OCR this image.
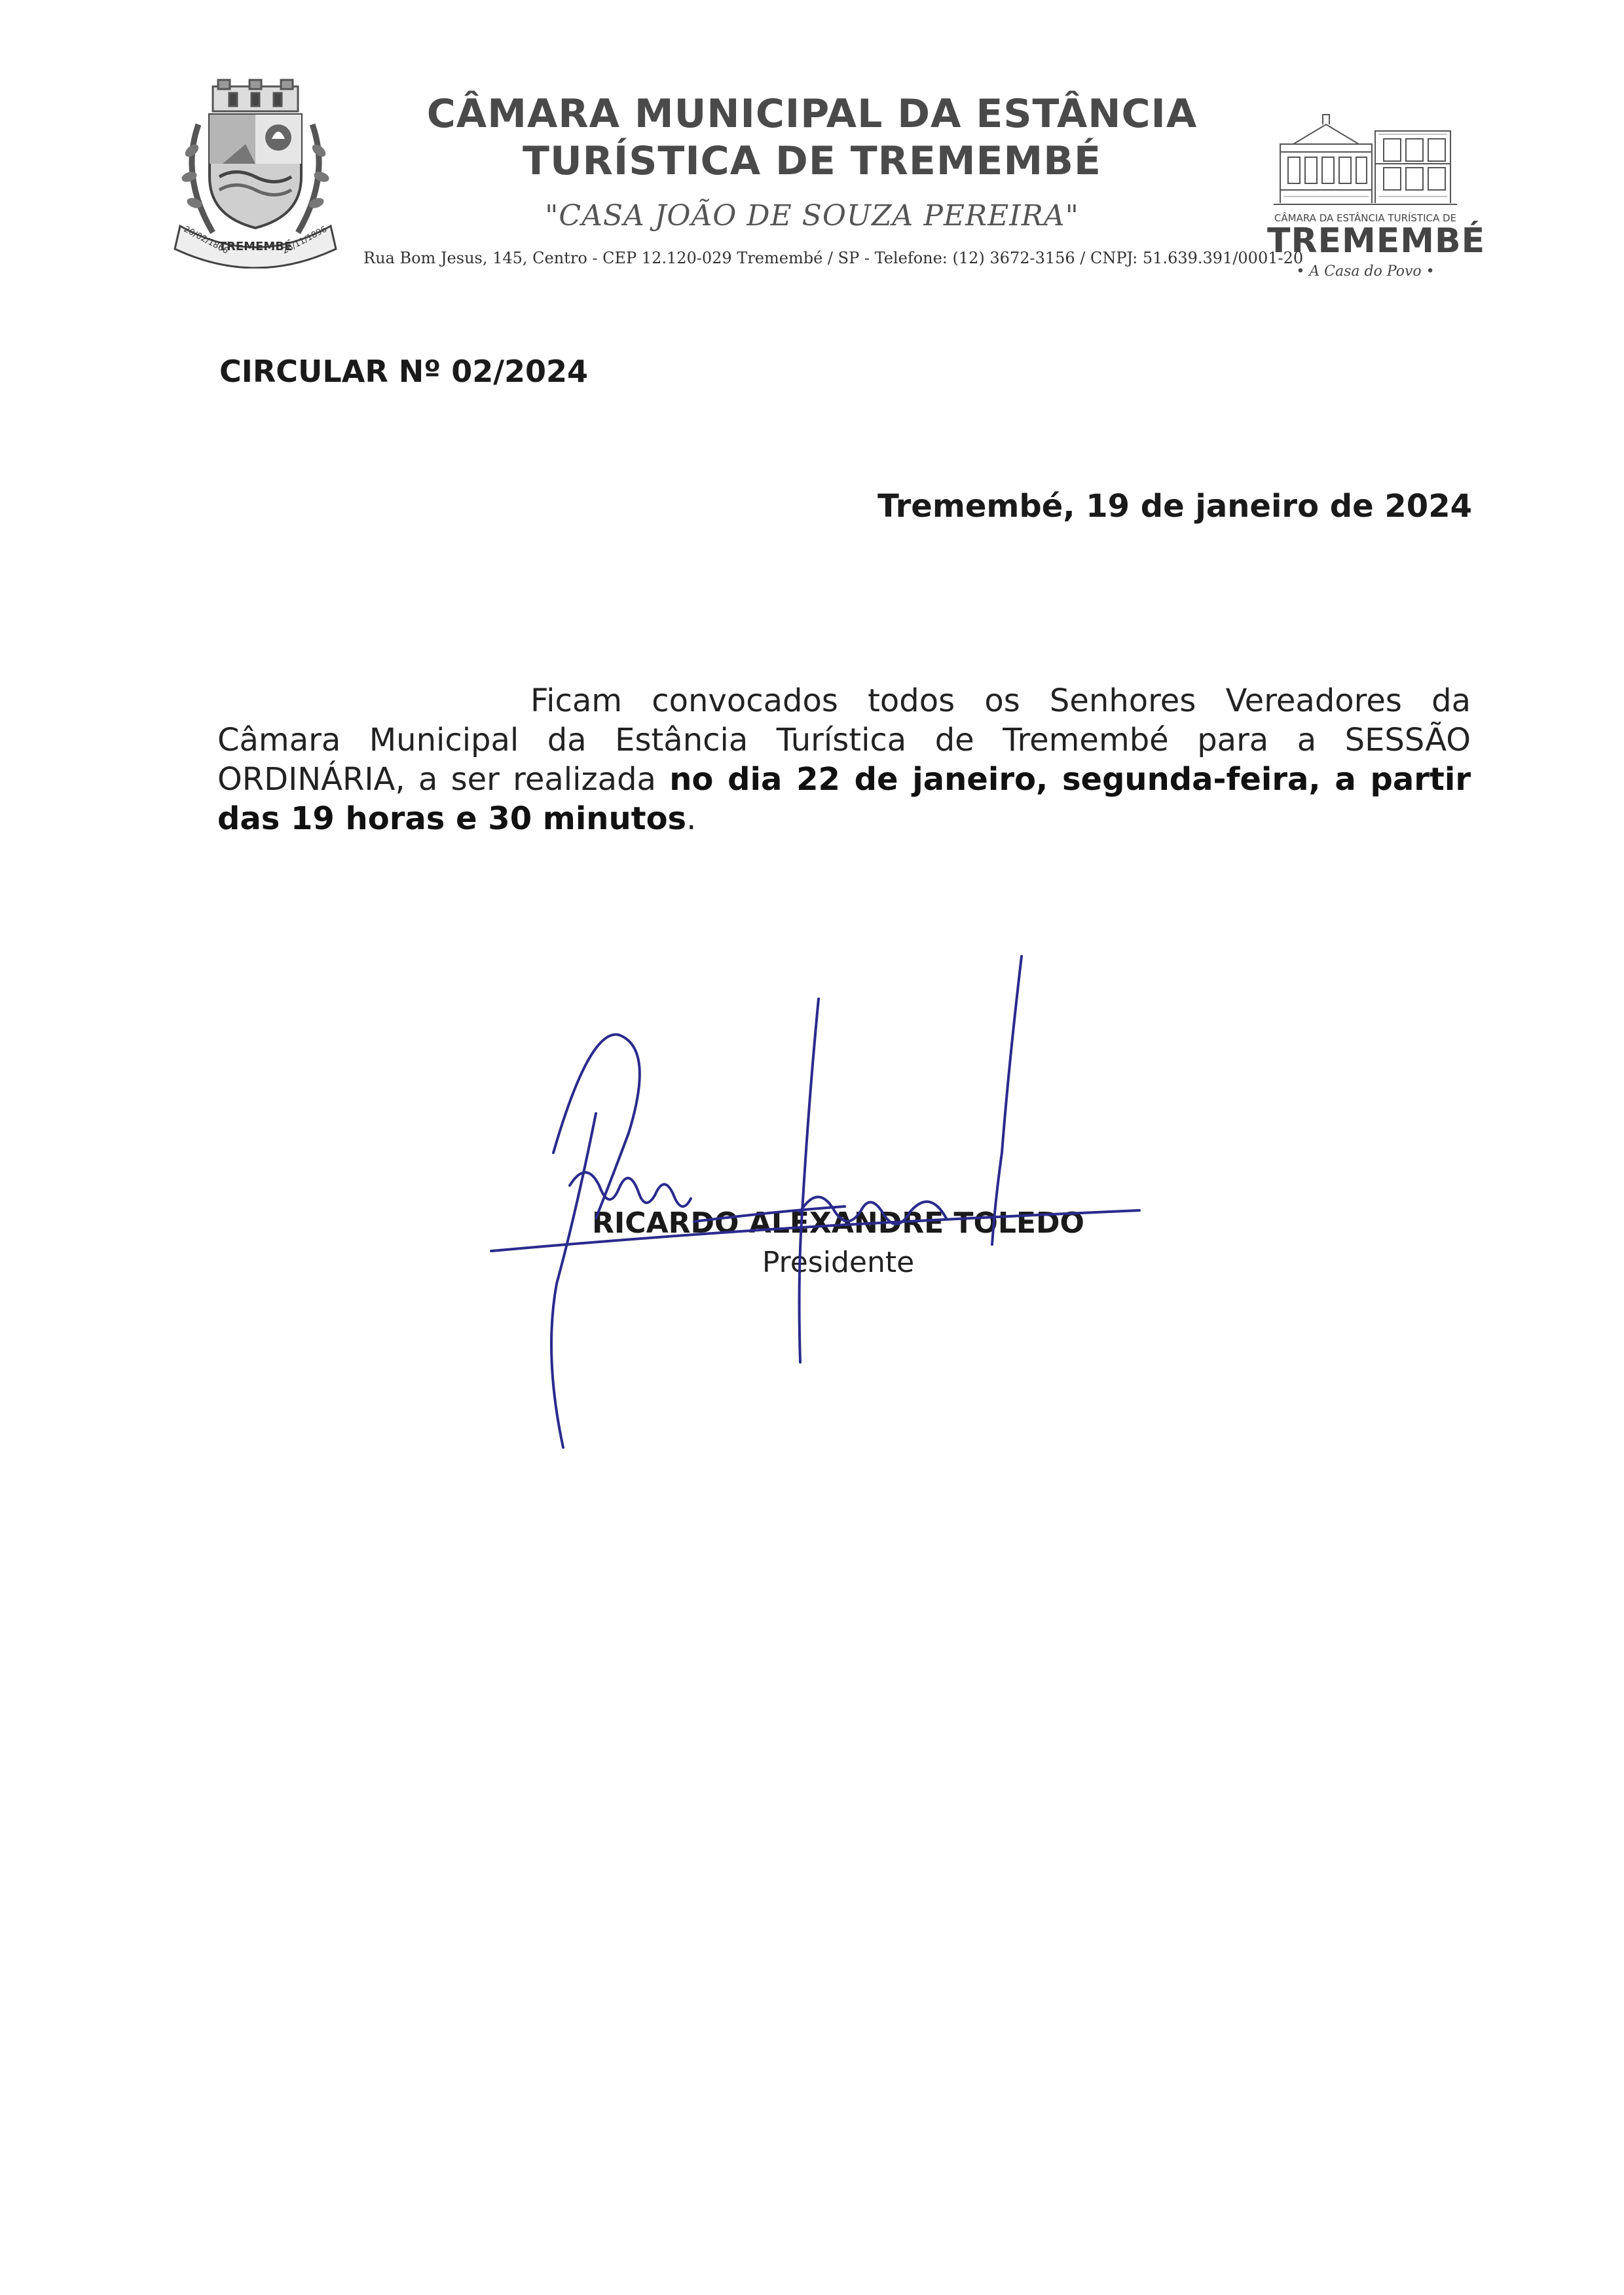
TREMEMBÉ
20/02/1866	26/11/1896
CÂMARA MUNICIPAL DA ESTÂNCIA
TURÍSTICA DE TREMEMBÉ
"CASA JOÃO DE SOUZA PEREIRA"
Rua Bom Jesus, 145, Centro - CEP 12.120-029 Tremembé / SP - Telefone: (12) 3672-3156 / CNPJ: 51.639.391/0001-20
CÂMARA DA ESTÂNCIA TURÍSTICA DE
TREMEMBÉ
• A Casa do Povo •
CIRCULAR Nº 02/2024
Tremembé, 19 de janeiro de 2024
Ficam convocados todos os Senhores Vereadores da Câmara Municipal da Estância Turística de Tremembé para a SESSÃO ORDINÁRIA, a ser realizada no dia 22 de janeiro, segunda-feira, a partir das 19 horas e 30 minutos.
RICARDO ALEXANDRE TOLEDO
Presidente
